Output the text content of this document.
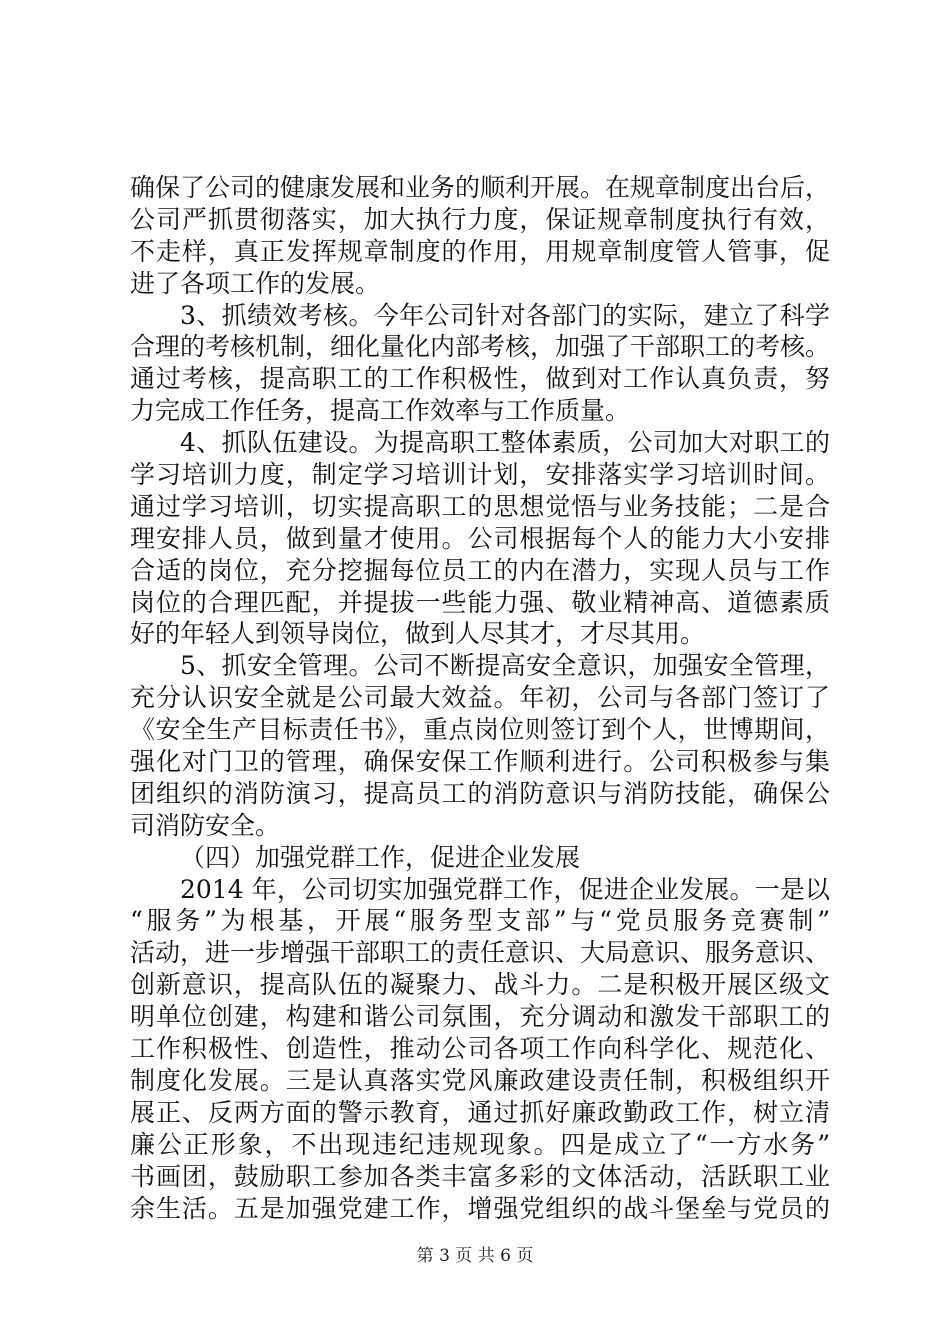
确保了公司的健康发展和业务的顺利开展。在规章制度出台后，
公司严抓贯彻落实，加大执行力度，保证规章制度执行有效，
不走样，真正发挥规章制度的作用，用规章制度管人管事，促
进了各项工作的发展。
3、抓绩效考核。今年公司针对各部门的实际，建立了科学
合理的考核机制，细化量化内部考核，加强了干部职工的考核。
通过考核，提高职工的工作积极性，做到对工作认真负责，努
力完成工作任务，提高工作效率与工作质量。
4、抓队伍建设。为提高职工整体素质，公司加大对职工的
学习培训力度，制定学习培训计划，安排落实学习培训时间。
通过学习培训，切实提高职工的思想觉悟与业务技能；二是合
理安排人员，做到量才使用。公司根据每个人的能力大小安排
合适的岗位，充分挖掘每位员工的内在潜力，实现人员与工作
岗位的合理匹配，并提拔一些能力强、敬业精神高、道德素质
好的年轻人到领导岗位，做到人尽其才，才尽其用。
5、抓安全管理。公司不断提高安全意识，加强安全管理，
充分认识安全就是公司最大效益。年初，公司与各部门签订了
《安全生产目标责任书》，重点岗位则签订到个人，世博期间，
强化对门卫的管理，确保安保工作顺利进行。公司积极参与集
团组织的消防演习，提高员工的消防意识与消防技能，确保公
司消防安全。
（四）加强党群工作，促进企业发展
2014 年，公司切实加强党群工作，促进企业发展。一是以
“服务”为根基，开展“服务型支部”与“党员服务竞赛制”
活动，进一步增强干部职工的责任意识、大局意识、服务意识、
创新意识，提高队伍的凝聚力、战斗力。二是积极开展区级文
明单位创建，构建和谐公司氛围，充分调动和激发干部职工的
工作积极性、创造性，推动公司各项工作向科学化、规范化、
制度化发展。三是认真落实党风廉政建设责任制，积极组织开
展正、反两方面的警示教育，通过抓好廉政勤政工作，树立清
廉公正形象，不出现违纪违规现象。四是成立了“一方水务”
书画团，鼓励职工参加各类丰富多彩的文体活动，活跃职工业
余生活。五是加强党建工作，增强党组织的战斗堡垒与党员的
第 3 页 共 6 页
